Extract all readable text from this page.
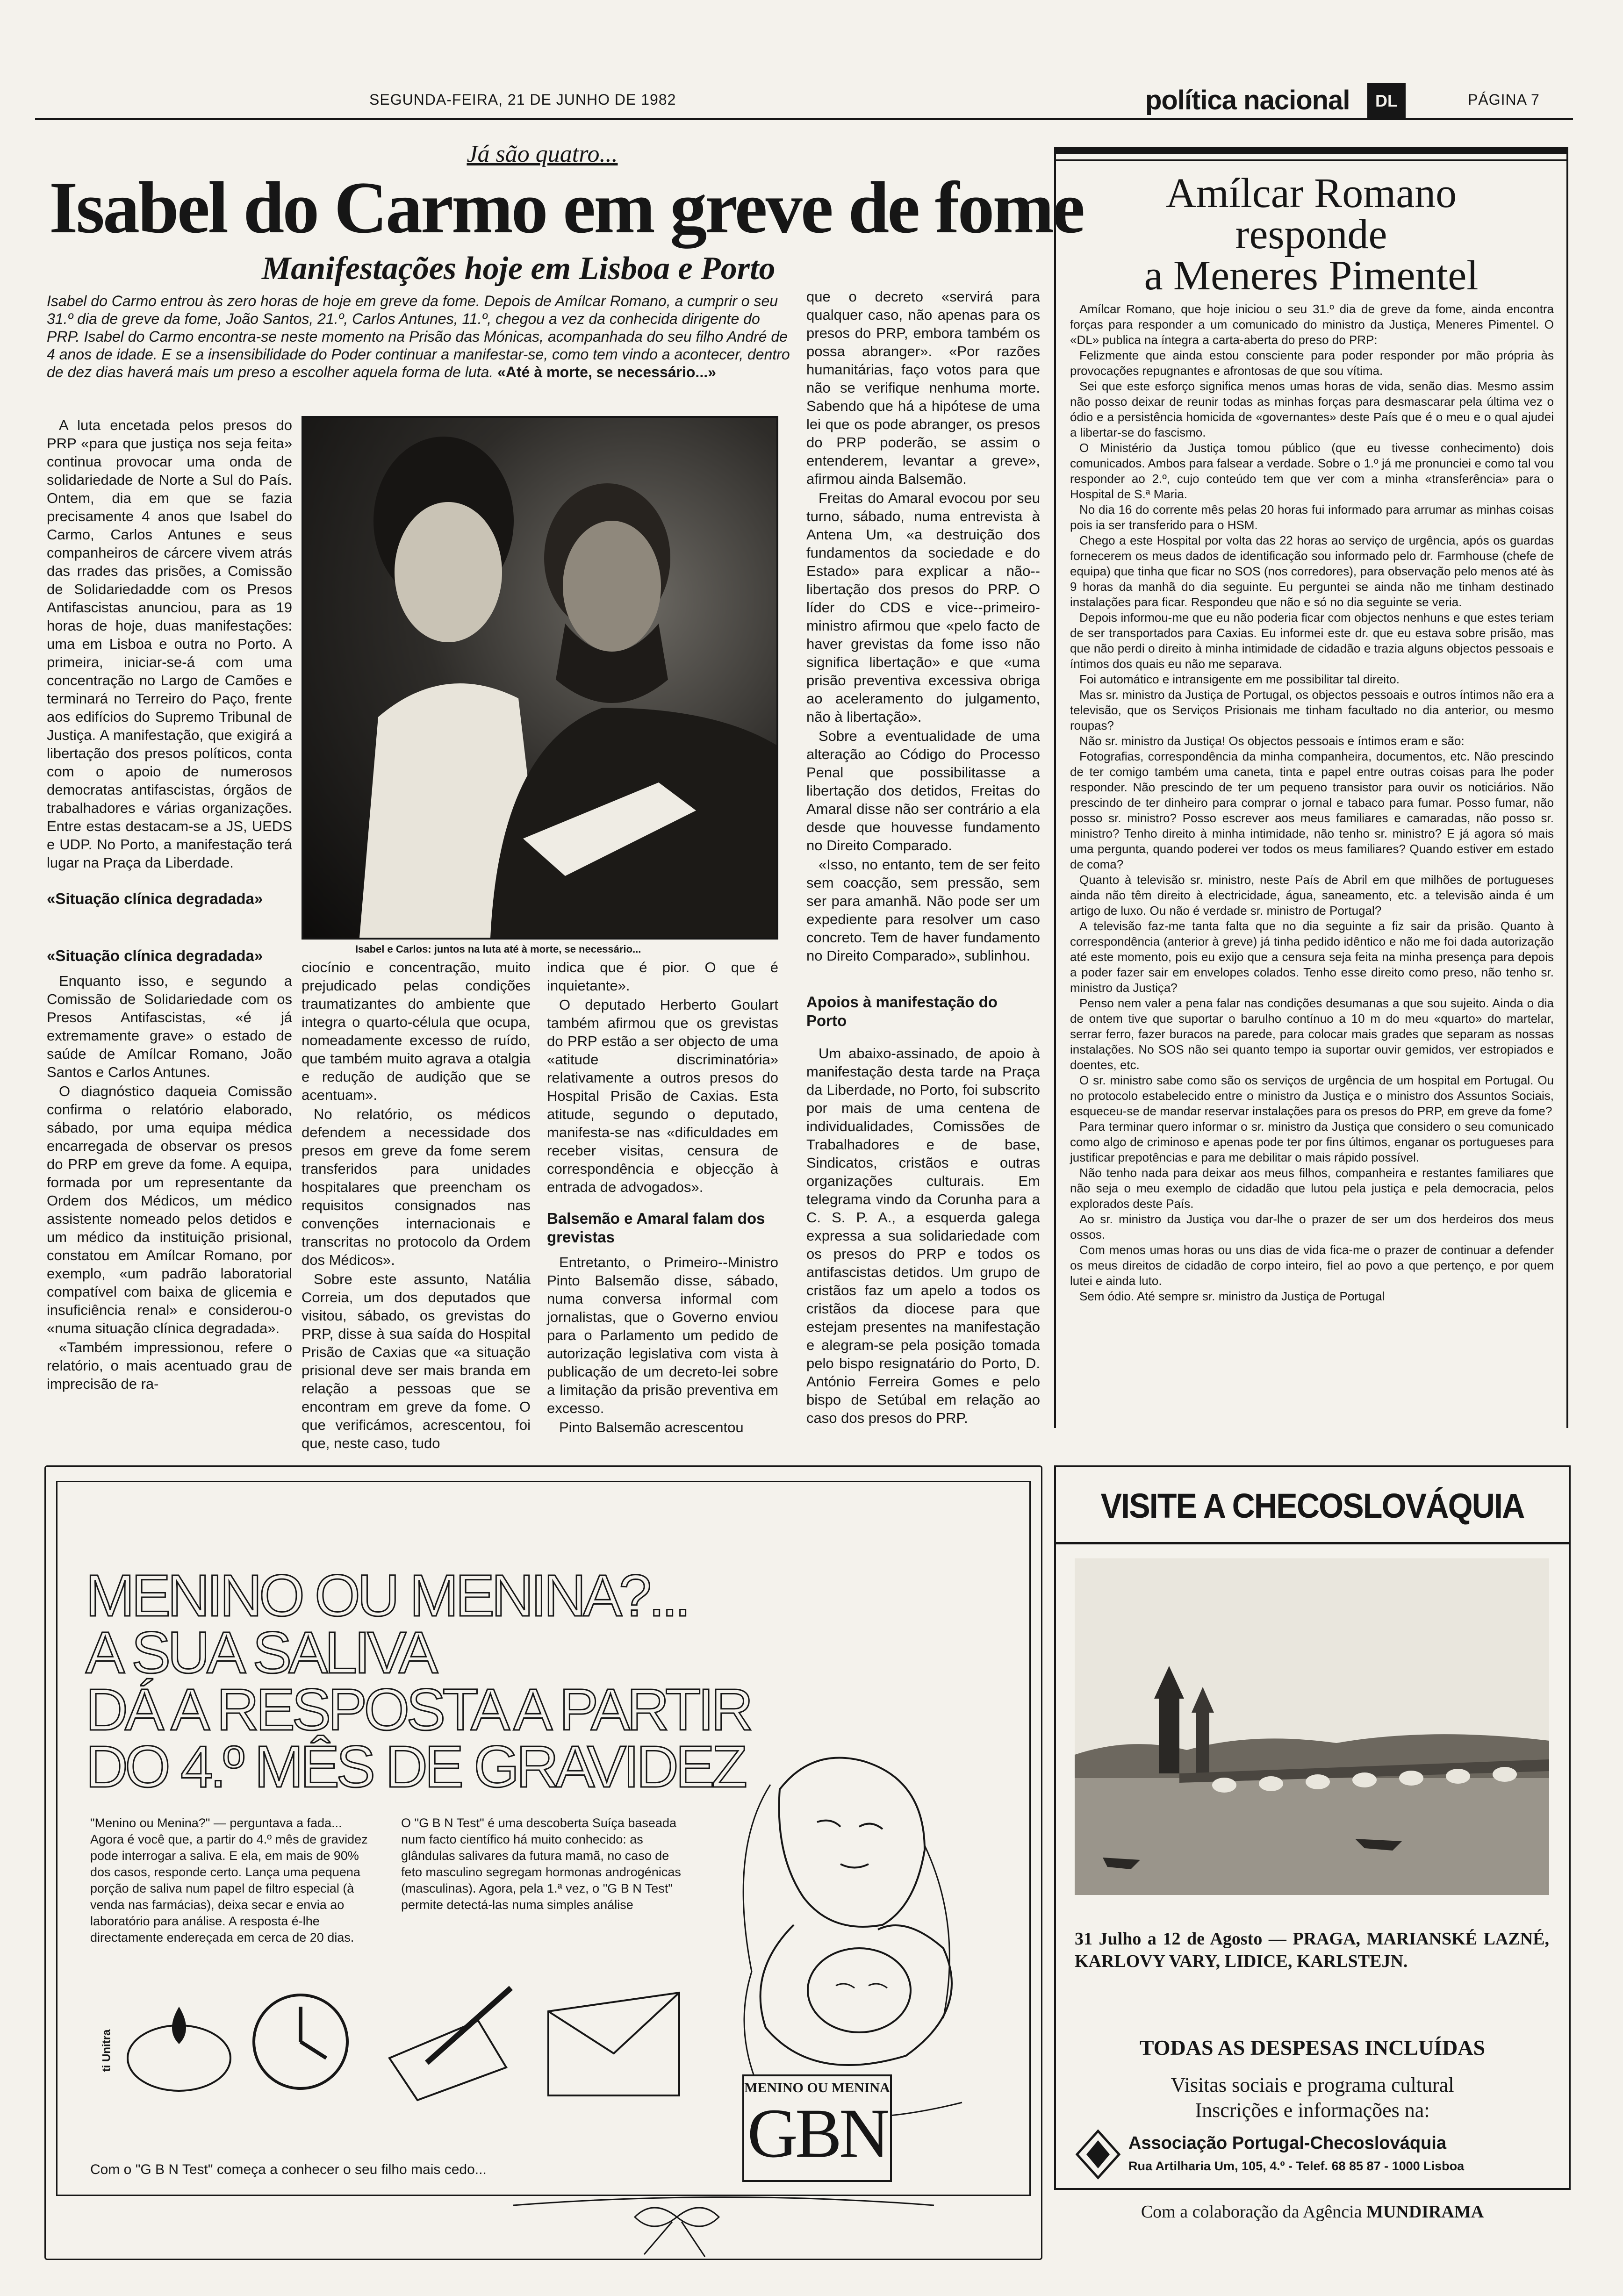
SEGUNDA-FEIRA, 21 DE JUNHO DE 1982	política nacional	DL	PÁGINA 7
Já são quatro...
Isabel do Carmo em greve de fome
Manifestações hoje em Lisboa e Porto
Isabel do Carmo entrou às zero horas de hoje em greve da fome. Depois de Amílcar Romano, a cumprir o seu 31.º dia de greve da fome, João Santos, 21.º, Carlos Antunes, 11.º, chegou a vez da conhecida dirigente do PRP. Isabel do Carmo encontra-se neste momento na Prisão das Mónicas, acompanhada do seu filho André de 4 anos de idade. E se a insensibilidade do Poder continuar a manifestar-se, como tem vindo a acontecer, dentro de dez dias haverá mais um preso a escolher aquela forma de luta. «Até à morte, se necessário...»

A luta encetada pelos presos do PRP «para que justiça nos seja feita» continua provocar uma onda de solidariedade de Norte a Sul do País. Ontem, dia em que se fazia precisamente 4 anos que Isabel do Carmo, Carlos Antunes e seus companheiros de cárcere vivem atrás das rrades das prisões, a Comissão de Solidariedadde com os Presos Antifascistas anunciou, para as 19 horas de hoje, duas manifestações: uma em Lisboa e outra no Porto. A primeira, iniciar-se-á com uma concentração no Largo de Camões e terminará no Terreiro do Paço, frente aos edifícios do Supremo Tribunal de Justiça. A manifestação, que exigirá a libertação dos presos políticos, conta com o apoio de numerosos democratas antifascistas, órgãos de trabalhadores e várias organizações. Entre estas destacam-se a JS, UEDS e UDP. No Porto, a manifestação terá lugar na Praça da Liberdade.

«Situação clínica degradada»
Isabel e Carlos: juntos na luta até à morte, se necessário...
«Situação clínica degradada»

Enquanto isso, e segundo a Comissão de Solidariedade com os Presos Antifascistas, «é já extremamente grave» o estado de saúde de Amílcar Romano, João Santos e Carlos Antunes.

O diagnóstico daqueia Comissão confirma o relatório elaborado, sábado, por uma equipa médica encarregada de observar os presos do PRP em greve da fome. A equipa, formada por um representante da Ordem dos Médicos, um médico assistente nomeado pelos detidos e um médico da instituição prisional, constatou em Amílcar Romano, por exemplo, «um padrão laboratorial compatível com baixa de glicemia e insuficiência renal» e considerou-o «numa situação clínica degradada».

«Também impressionou, refere o relatório, o mais acentuado grau de imprecisão de ra-

ciocínio e concentração, muito prejudicado pelas condições traumatizantes do ambiente que integra o quarto-célula que ocupa, nomeadamente excesso de ruído, que também muito agrava a otalgia e redução de audição que se acentuam».

No relatório, os médicos defendem a necessidade dos presos em greve da fome serem transferidos para unidades hospitalares que preencham os requisitos consignados nas convenções internacionais e transcritas no protocolo da Ordem dos Médicos».

Sobre este assunto, Natália Correia, um dos deputados que visitou, sábado, os grevistas do PRP, disse à sua saída do Hospital Prisão de Caxias que «a situação prisional deve ser mais branda em relação a pessoas que se encontram em greve da fome. O que verificámos, acrescentou, foi que, neste caso, tudo

indica que é pior. O que é inquietante».

O deputado Herberto Goulart também afirmou que os grevistas do PRP estão a ser objecto de uma «atitude discriminatória» relativamente a outros presos do Hospital Prisão de Caxias. Esta atitude, segundo o deputado, manifesta-se nas «dificuldades em receber visitas, censura de correspondência e objecção à entrada de advogados».

Balsemão e Amaral falam dos grevistas

Entretanto, o Primeiro--Ministro Pinto Balsemão disse, sábado, numa conversa informal com jornalistas, que o Governo enviou para o Parlamento um pedido de autorização legislativa com vista à publicação de um decreto-lei sobre a limitação da prisão preventiva em excesso.

Pinto Balsemão acrescentou

que o decreto «servirá para qualquer caso, não apenas para os presos do PRP, embora também os possa abranger». «Por razões humanitárias, faço votos para que não se verifique nenhuma morte. Sabendo que há a hipótese de uma lei que os pode abranger, os presos do PRP poderão, se assim o entenderem, levantar a greve», afirmou ainda Balsemão.

Freitas do Amaral evocou por seu turno, sábado, numa entrevista à Antena Um, «a destruição dos fundamentos da sociedade e do Estado» para explicar a não--libertação dos presos do PRP. O líder do CDS e vice--primeiro-ministro afirmou que «pelo facto de haver grevistas da fome isso não significa libertação» e que «uma prisão preventiva excessiva obriga ao aceleramento do julgamento, não à libertação».

Sobre a eventualidade de uma alteração ao Código do Processo Penal que possibilitasse a libertação dos detidos, Freitas do Amaral disse não ser contrário a ela desde que houvesse fundamento no Direito Comparado.

«Isso, no entanto, tem de ser feito sem coacção, sem pressão, sem ser para amanhã. Não pode ser um expediente para resolver um caso concreto. Tem de haver fundamento no Direito Comparado», sublinhou.

Apoios à manifestação do Porto

Um abaixo-assinado, de apoio à manifestação desta tarde na Praça da Liberdade, no Porto, foi subscrito por mais de uma centena de individualidades, Comissões de Trabalhadores e de base, Sindicatos, cristãos e outras organizações culturais. Em telegrama vindo da Corunha para a C. S. P. A., a esquerda galega expressa a sua solidariedade com os presos do PRP e todos os antifascistas detidos. Um grupo de cristãos faz um apelo a todos os cristãos da diocese para que estejam presentes na manifestação e alegram-se pela posição tomada pelo bispo resignatário do Porto, D. António Ferreira Gomes e pelo bispo de Setúbal em relação ao caso dos presos do PRP.

Amílcar Romano
responde
a Meneres Pimentel

Amílcar Romano, que hoje iniciou o seu 31.º dia de greve da fome, ainda encontra forças para responder a um comunicado do ministro da Justiça, Meneres Pimentel. O «DL» publica na íntegra a carta-aberta do preso do PRP:

Felizmente que ainda estou consciente para poder responder por mão própria às provocações repugnantes e afrontosas de que sou vítima.

Sei que este esforço significa menos umas horas de vida, senão dias. Mesmo assim não posso deixar de reunir todas as minhas forças para desmascarar pela última vez o ódio e a persistência homicida de «governantes» deste País que é o meu e o qual ajudei a libertar-se do fascismo.

O Ministério da Justiça tomou público (que eu tivesse conhecimento) dois comunicados. Ambos para falsear a verdade. Sobre o 1.º já me pronunciei e como tal vou responder ao 2.º, cujo conteúdo tem que ver com a minha «transferência» para o Hospital de S.ª Maria.

No dia 16 do corrente mês pelas 20 horas fui informado para arrumar as minhas coisas pois ia ser transferido para o HSM.

Chego a este Hospital por volta das 22 horas ao serviço de urgência, após os guardas fornecerem os meus dados de identificação sou informado pelo dr. Farmhouse (chefe de equipa) que tinha que ficar no SOS (nos corredores), para observação pelo menos até às 9 horas da manhã do dia seguinte. Eu perguntei se ainda não me tinham destinado instalações para ficar. Respondeu que não e só no dia seguinte se veria.

Depois informou-me que eu não poderia ficar com objectos nenhuns e que estes teriam de ser transportados para Caxias. Eu informei este dr. que eu estava sobre prisão, mas que não perdi o direito à minha intimidade de cidadão e trazia alguns objectos pessoais e íntimos dos quais eu não me separava.

Foi automático e intransigente em me possibilitar tal direito.

Mas sr. ministro da Justiça de Portugal, os objectos pessoais e outros íntimos não era a televisão, que os Serviços Prisionais me tinham facultado no dia anterior, ou mesmo roupas?

Não sr. ministro da Justiça! Os objectos pessoais e íntimos eram e são:

Fotografias, correspondência da minha companheira, documentos, etc. Não prescindo de ter comigo também uma caneta, tinta e papel entre outras coisas para lhe poder responder. Não prescindo de ter um pequeno transistor para ouvir os noticiários. Não prescindo de ter dinheiro para comprar o jornal e tabaco para fumar. Posso fumar, não posso sr. ministro? Posso escrever aos meus familiares e camaradas, não posso sr. ministro? Tenho direito à minha intimidade, não tenho sr. ministro? E já agora só mais uma pergunta, quando poderei ver todos os meus familiares? Quando estiver em estado de coma?

Quanto à televisão sr. ministro, neste País de Abril em que milhões de portugueses ainda não têm direito à electricidade, água, saneamento, etc. a televisão ainda é um artigo de luxo. Ou não é verdade sr. ministro de Portugal?

A televisão faz-me tanta falta que no dia seguinte a fiz sair da prisão. Quanto à correspondência (anterior à greve) já tinha pedido idêntico e não me foi dada autorização até este momento, pois eu exijo que a censura seja feita na minha presença para depois a poder fazer sair em envelopes colados. Tenho esse direito como preso, não tenho sr. ministro da Justiça?

Penso nem valer a pena falar nas condições desumanas a que sou sujeito. Ainda o dia de ontem tive que suportar o barulho contínuo a 10 m do meu «quarto» do martelar, serrar ferro, fazer buracos na parede, para colocar mais grades que separam as nossas instalações. No SOS não sei quanto tempo ia suportar ouvir gemidos, ver estropiados e doentes, etc.

O sr. ministro sabe como são os serviços de urgência de um hospital em Portugal. Ou no protocolo estabelecido entre o ministro da Justiça e o ministro dos Assuntos Sociais, esqueceu-se de mandar reservar instalações para os presos do PRP, em greve da fome?

Para terminar quero informar o sr. ministro da Justiça que considero o seu comunicado como algo de criminoso e apenas pode ter por fins últimos, enganar os portugueses para justificar prepotências e para me debilitar o mais rápido possível.

Não tenho nada para deixar aos meus filhos, companheira e restantes familiares que não seja o meu exemplo de cidadão que lutou pela justiça e pela democracia, pelos explorados deste País.

Ao sr. ministro da Justiça vou dar-lhe o prazer de ser um dos herdeiros dos meus ossos.

Com menos umas horas ou uns dias de vida fica-me o prazer de continuar a defender os meus direitos de cidadão de corpo inteiro, fiel ao povo a que pertenço, e por quem lutei e ainda luto.

Sem ódio. Até sempre sr. ministro da Justiça de Portugal

MENINO OU MENINA?...
A SUA SALIVA
DÁ A RESPOSTA A PARTIR
DO 4.º MÊS DE GRAVIDEZ
"Menino ou Menina?" — perguntava a fada... Agora é você que, a partir do 4.º mês de gravidez pode interrogar a saliva. E ela, em mais de 90% dos casos, responde certo. Lança uma pequena porção de saliva num papel de filtro especial (à venda nas farmácias), deixa secar e envia ao laboratório para análise. A resposta é-lhe directamente endereçada em cerca de 20 dias.
O "G B N Test" é uma descoberta Suíça baseada num facto científico há muito conhecido: as glândulas salivares da futura mamã, no caso de feto masculino segregam hormonas androgénicas (masculinas). Agora, pela 1.ª vez, o "G B N Test" permite detectá-las numa simples análise
ti Unitra
Com o "G B N Test" começa a conhecer o seu filho mais cedo...
MENINO OU MENINA
GBN
VISITE A CHECOSLOVÁQUIA
31 Julho a 12 de Agosto — PRAGA, MARIANSKÉ LAZNÉ, KARLOVY VARY, LIDICE, KARLSTEJN.
TODAS AS DESPESAS INCLUÍDAS
Visitas sociais e programa cultural
Inscrições e informações na:
Associação Portugal-Checoslováquia
Rua Artilharia Um, 105, 4.º - Telef. 68 85 87 - 1000 Lisboa
Com a colaboração da Agência MUNDIRAMA
